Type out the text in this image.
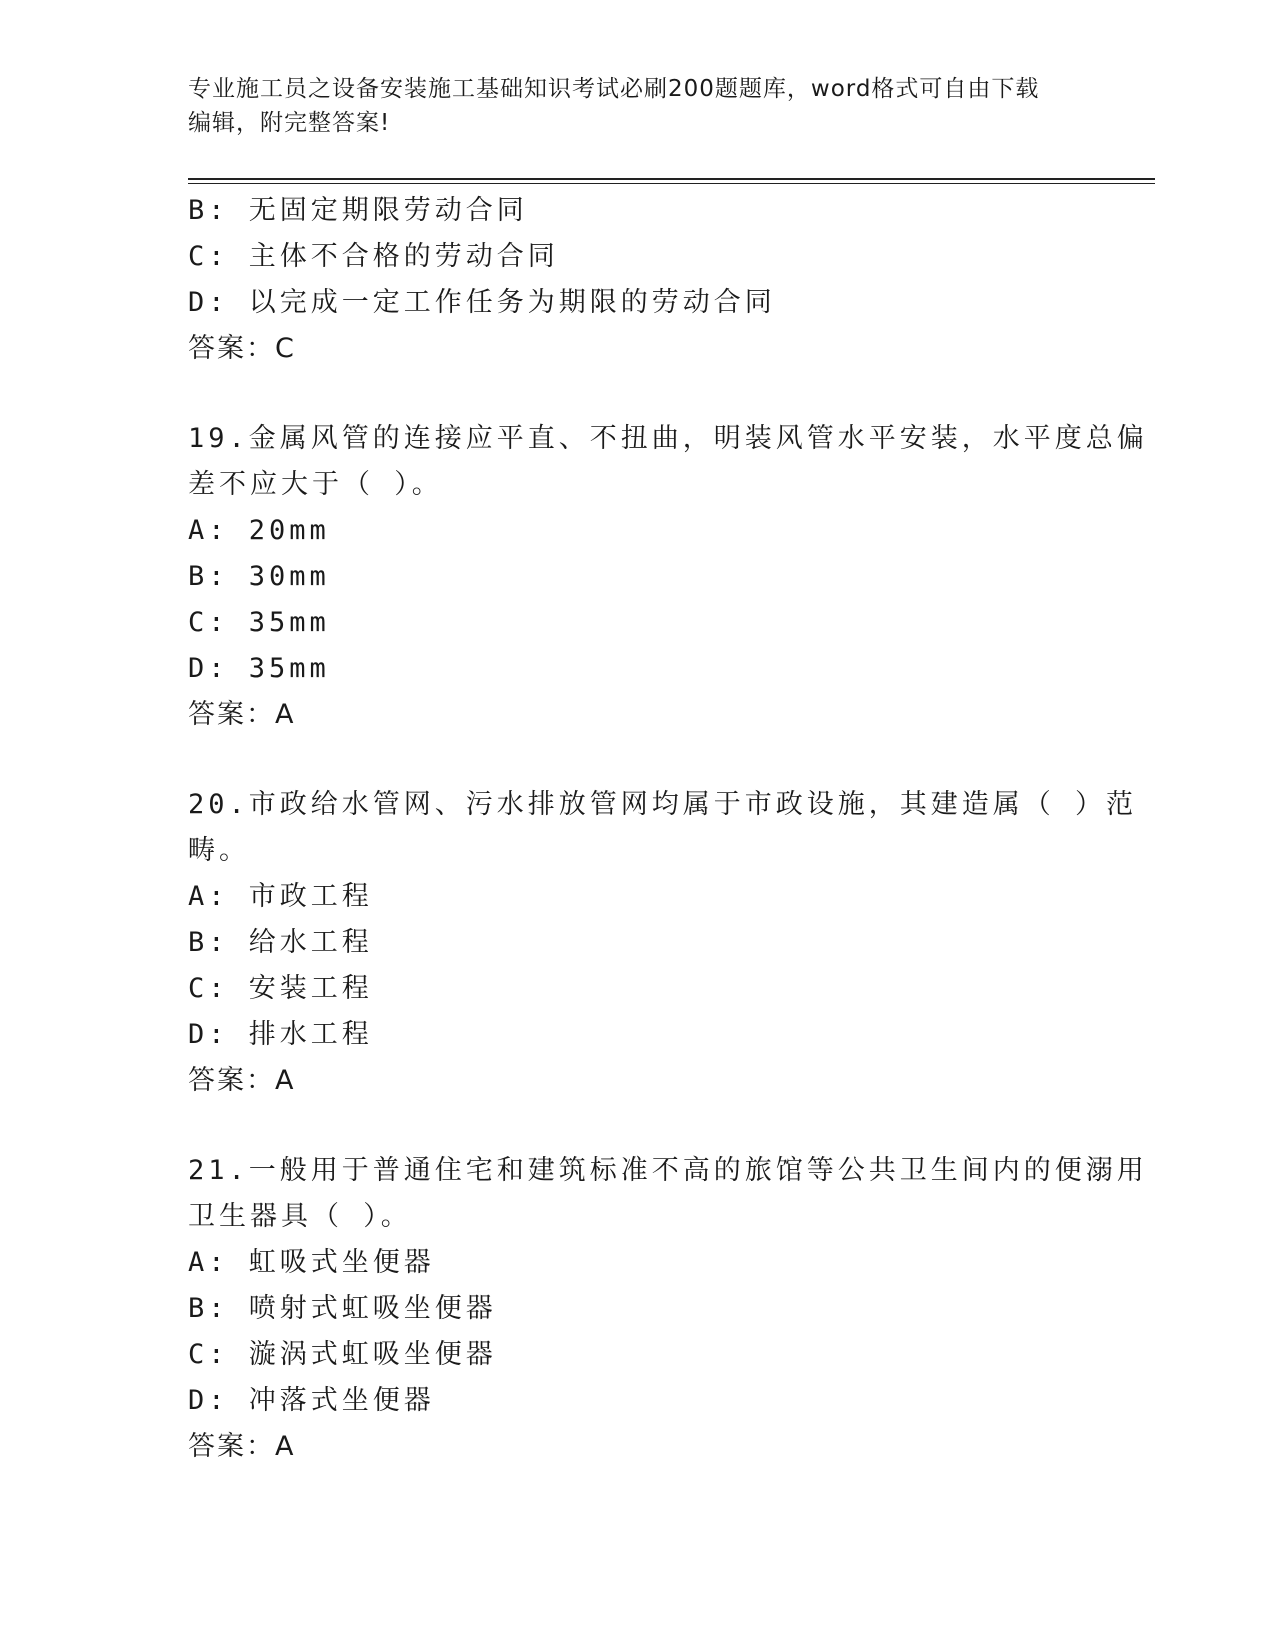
专业施工员之设备安装施工基础知识考试必刷200题题库，word格式可自由下载
编辑，附完整答案!
B: 无固定期限劳动合同
C: 主体不合格的劳动合同
D: 以完成一定工作任务为期限的劳动合同
答案：C
19.金属风管的连接应平直、不扭曲，明装风管水平安装，水平度总偏
差不应大于（ ）。
A: 20mm
B: 30mm
C: 35mm
D: 35mm
答案：A
20.市政给水管网、污水排放管网均属于市政设施，其建造属（ ）范
畴。
A: 市政工程
B: 给水工程
C: 安装工程
D: 排水工程
答案：A
21.一般用于普通住宅和建筑标准不高的旅馆等公共卫生间内的便溺用
卫生器具（ ）。
A: 虹吸式坐便器
B: 喷射式虹吸坐便器
C: 漩涡式虹吸坐便器
D: 冲落式坐便器
答案：A
